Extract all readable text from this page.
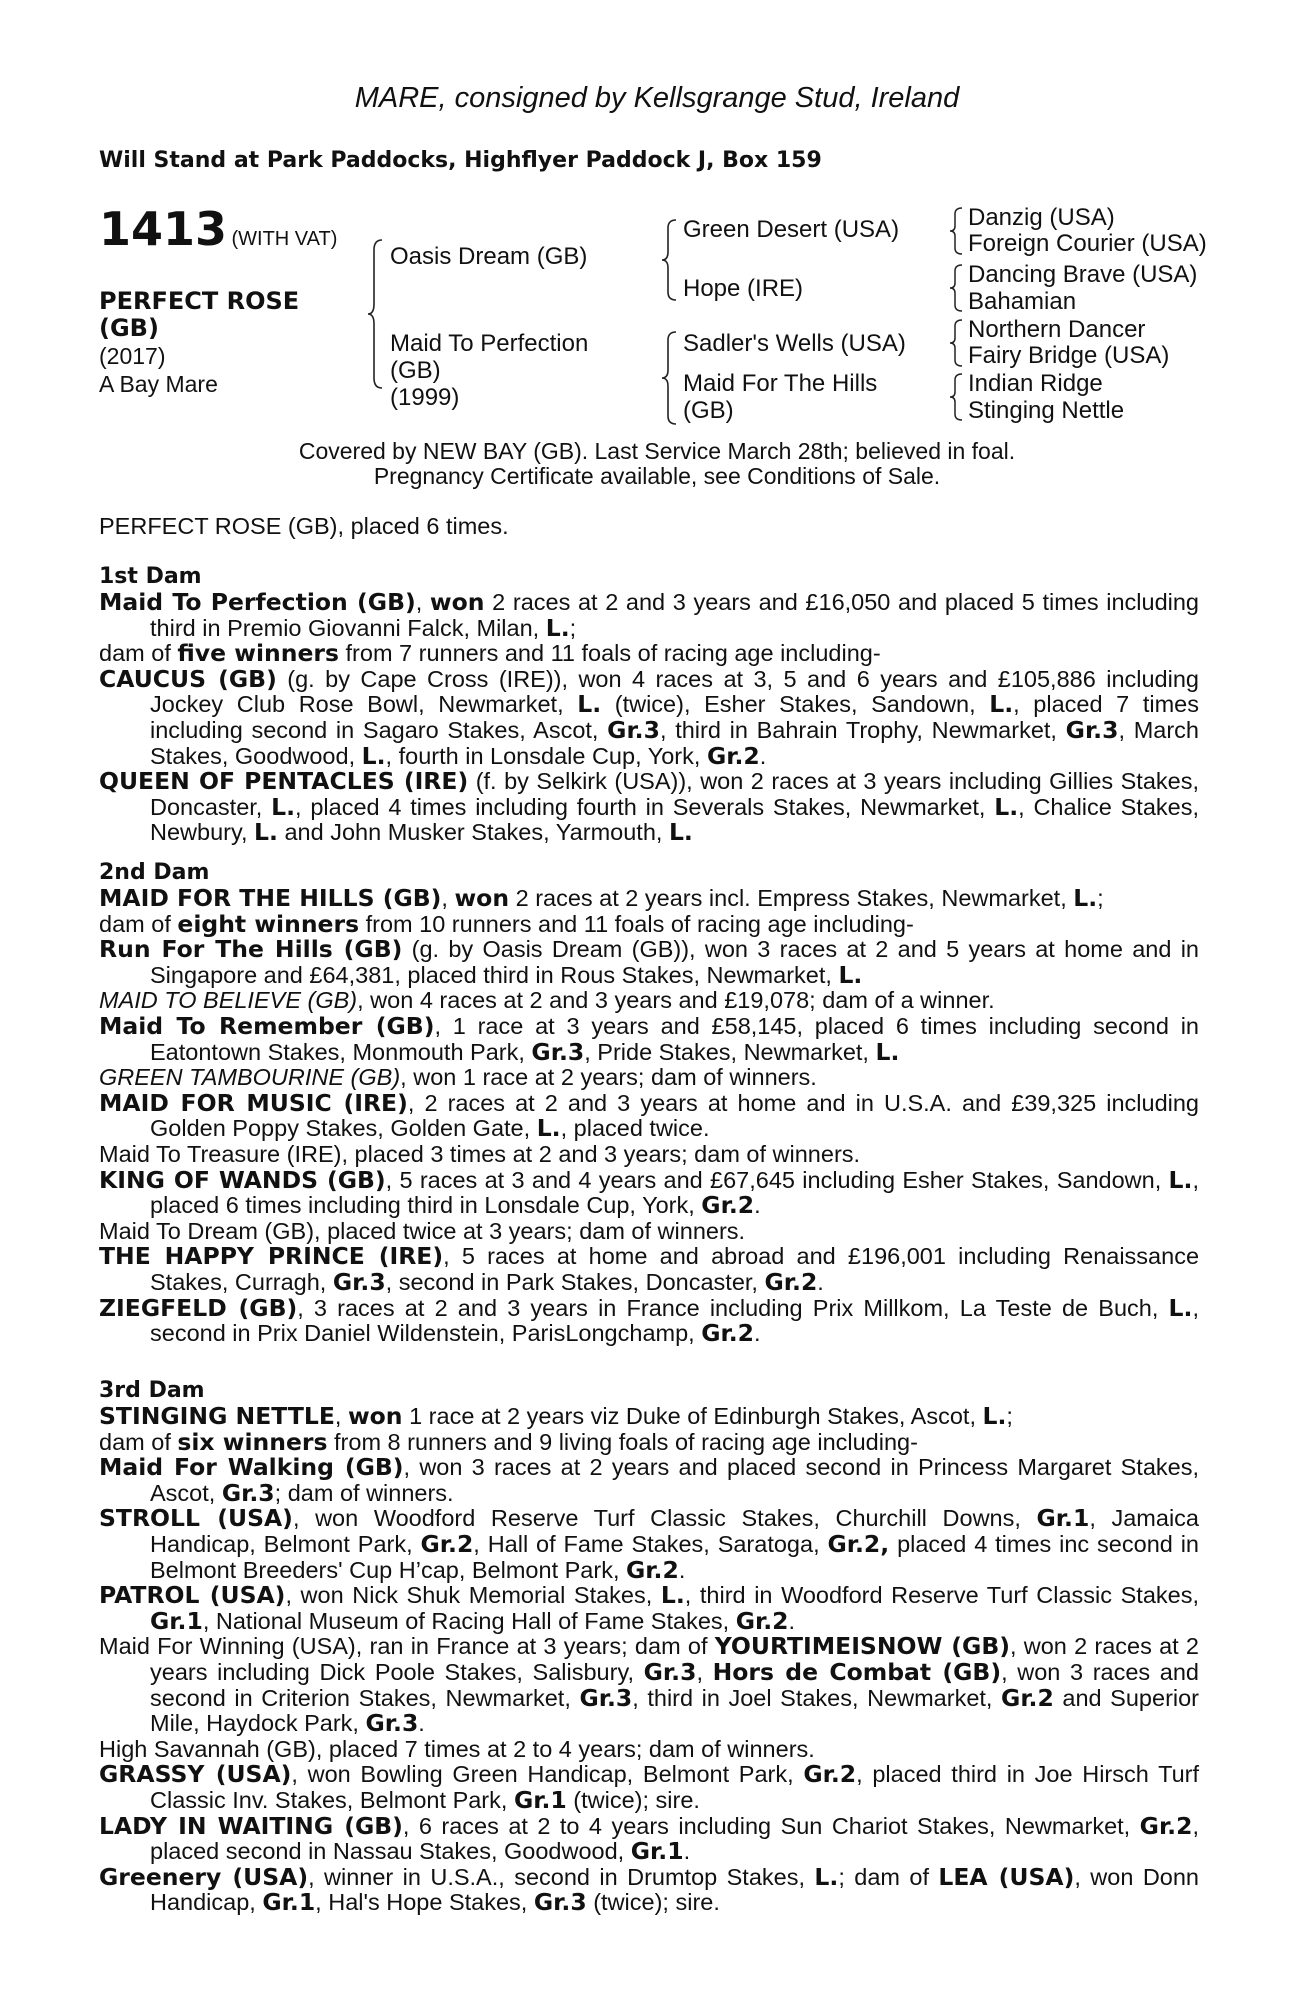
MARE, consigned by Kellsgrange Stud, Ireland
Will Stand at Park Paddocks, Highflyer Paddock J, Box 159
1413 (WITH VAT)
PERFECT ROSE
(GB)
(2017)
A Bay Mare
Oasis Dream (GB)
Maid To Perfection
(GB)
(1999)
Green Desert (USA)
Hope (IRE)
Sadler's Wells (USA)
Maid For The Hills
(GB)
Danzig (USA)
Foreign Courier (USA)
Dancing Brave (USA)
Bahamian
Northern Dancer
Fairy Bridge (USA)
Indian Ridge
Stinging Nettle
Covered by NEW BAY (GB). Last Service March 28th; believed in foal.
Pregnancy Certificate available, see Conditions of Sale.
PERFECT ROSE (GB), placed 6 times.
1st Dam

Maid To Perfection (GB), won 2 races at 2 and 3 years and £16,050 and placed 5 times including third in Premio Giovanni Falck, Milan, L.;

dam of five winners from 7 runners and 11 foals of racing age including-

CAUCUS (GB) (g. by Cape Cross (IRE)), won 4 races at 3, 5 and 6 years and £105,886 including Jockey Club Rose Bowl, Newmarket, L. (twice), Esher Stakes, Sandown, L., placed 7 times including second in Sagaro Stakes, Ascot, Gr.3, third in Bahrain Trophy, Newmarket, Gr.3, March Stakes, Goodwood, L., fourth in Lonsdale Cup, York, Gr.2.

QUEEN OF PENTACLES (IRE) (f. by Selkirk (USA)), won 2 races at 3 years including Gillies Stakes, Doncaster, L., placed 4 times including fourth in Severals Stakes, Newmarket, L., Chalice Stakes, Newbury, L. and John Musker Stakes, Yarmouth, L.

2nd Dam

MAID FOR THE HILLS (GB), won 2 races at 2 years incl. Empress Stakes, Newmarket, L.;

dam of eight winners from 10 runners and 11 foals of racing age including-

Run For The Hills (GB) (g. by Oasis Dream (GB)), won 3 races at 2 and 5 years at home and in Singapore and £64,381, placed third in Rous Stakes, Newmarket, L.

MAID TO BELIEVE (GB), won 4 races at 2 and 3 years and £19,078; dam of a winner.

Maid To Remember (GB), 1 race at 3 years and £58,145, placed 6 times including second in Eatontown Stakes, Monmouth Park, Gr.3, Pride Stakes, Newmarket, L.

GREEN TAMBOURINE (GB), won 1 race at 2 years; dam of winners.

MAID FOR MUSIC (IRE), 2 races at 2 and 3 years at home and in U.S.A. and £39,325 including Golden Poppy Stakes, Golden Gate, L., placed twice.

Maid To Treasure (IRE), placed 3 times at 2 and 3 years; dam of winners.

KING OF WANDS (GB), 5 races at 3 and 4 years and £67,645 including Esher Stakes, Sandown, L., placed 6 times including third in Lonsdale Cup, York, Gr.2.

Maid To Dream (GB), placed twice at 3 years; dam of winners.

THE HAPPY PRINCE (IRE), 5 races at home and abroad and £196,001 including Renaissance Stakes, Curragh, Gr.3, second in Park Stakes, Doncaster, Gr.2.

ZIEGFELD (GB), 3 races at 2 and 3 years in France including Prix Millkom, La Teste de Buch, L., second in Prix Daniel Wildenstein, ParisLongchamp, Gr.2.

3rd Dam

STINGING NETTLE, won 1 race at 2 years viz Duke of Edinburgh Stakes, Ascot, L.;

dam of six winners from 8 runners and 9 living foals of racing age including-

Maid For Walking (GB), won 3 races at 2 years and placed second in Princess Margaret Stakes, Ascot, Gr.3; dam of winners.

STROLL (USA), won Woodford Reserve Turf Classic Stakes, Churchill Downs, Gr.1, Jamaica Handicap, Belmont Park, Gr.2, Hall of Fame Stakes, Saratoga, Gr.2, placed 4 times inc second in Belmont Breeders' Cup H’cap, Belmont Park, Gr.2.

PATROL (USA), won Nick Shuk Memorial Stakes, L., third in Woodford Reserve Turf Classic Stakes, Gr.1, National Museum of Racing Hall of Fame Stakes, Gr.2.

Maid For Winning (USA), ran in France at 3 years; dam of YOURTIMEISNOW (GB), won 2 races at 2 years including Dick Poole Stakes, Salisbury, Gr.3, Hors de Combat (GB), won 3 races and second in Criterion Stakes, Newmarket, Gr.3, third in Joel Stakes, Newmarket, Gr.2 and Superior Mile, Haydock Park, Gr.3.

High Savannah (GB), placed 7 times at 2 to 4 years; dam of winners.

GRASSY (USA), won Bowling Green Handicap, Belmont Park, Gr.2, placed third in Joe Hirsch Turf Classic Inv. Stakes, Belmont Park, Gr.1 (twice); sire.

LADY IN WAITING (GB), 6 races at 2 to 4 years including Sun Chariot Stakes, Newmarket, Gr.2, placed second in Nassau Stakes, Goodwood, Gr.1.

Greenery (USA), winner in U.S.A., second in Drumtop Stakes, L.; dam of LEA (USA), won Donn Handicap, Gr.1, Hal's Hope Stakes, Gr.3 (twice); sire.
